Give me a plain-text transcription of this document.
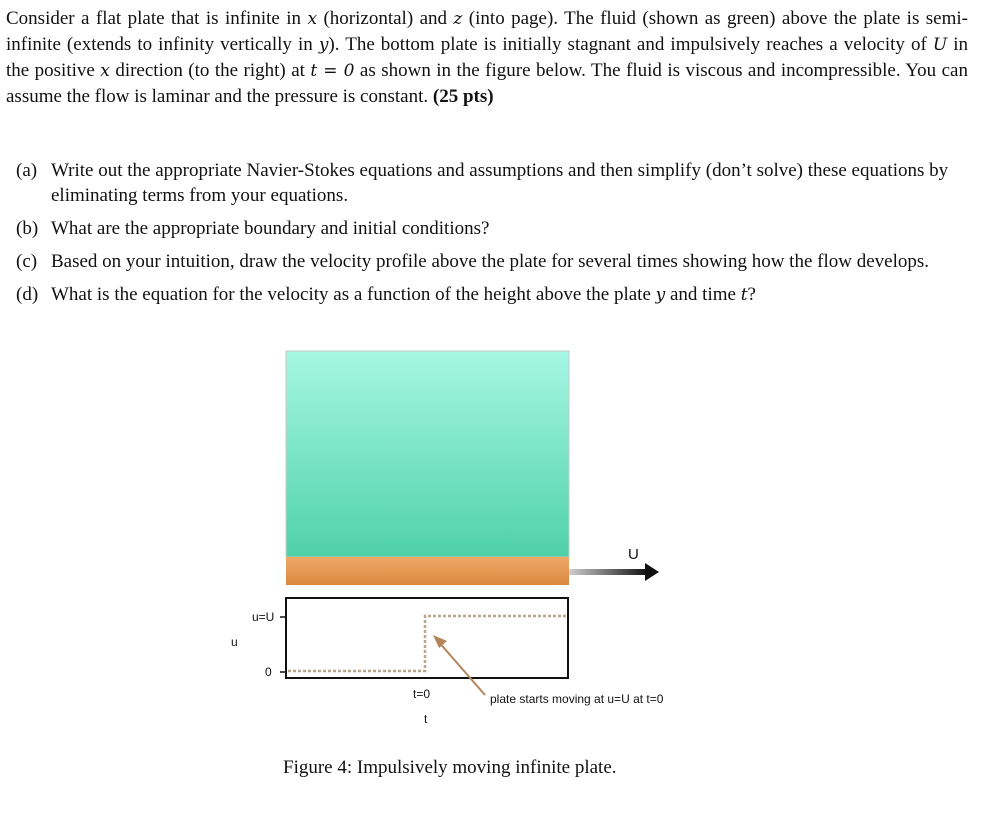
Consider a flat plate that is infinite in x (horizontal) and z (into page). The fluid (shown as green) above the plate is semi-infinite (extends to infinity vertically in y). The bottom plate is initially stagnant and impulsively reaches a velocity of U in the positive x direction (to the right) at t = 0 as shown in the figure below. The fluid is viscous and incompressible. You can assume the flow is laminar and the pressure is constant. (25 pts)

(a) Write out the appropriate Navier-Stokes equations and assumptions and then simplify (don’t solve) these equations by eliminating terms from your equations.
(b) What are the appropriate boundary and initial conditions?
(c) Based on your intuition, draw the velocity profile above the plate for several times showing how the flow develops.
(d) What is the equation for the velocity as a function of the height above the plate y and time t?
U
u
u=U
0
t=0
t
plate starts moving at u=U at t=0
Figure 4: Impulsively moving infinite plate.
